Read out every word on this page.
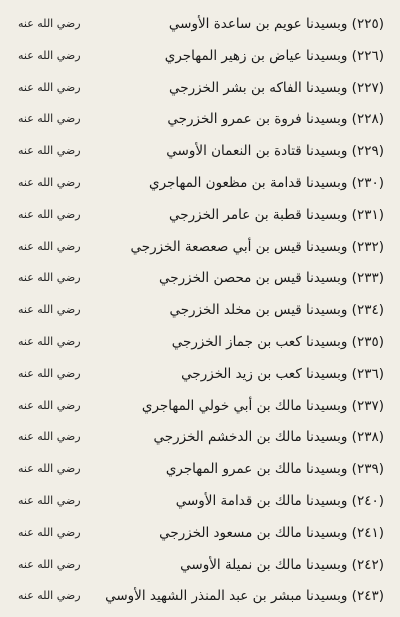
(٢٢٥) وبسيدنا عويم بن ساعدة الأوسي
رضي الله عنه
(٢٢٦) وبسيدنا عياض بن زهير المهاجري
رضي الله عنه
(٢٢٧) وبسيدنا الفاكه بن بشر الخزرجي
رضي الله عنه
(٢٢٨) وبسيدنا فروة بن عمرو الخزرجي
رضي الله عنه
(٢٢٩) وبسيدنا قتادة بن النعمان الأوسي
رضي الله عنه
(٢٣٠) وبسيدنا قدامة بن مظعون المهاجري
رضي الله عنه
(٢٣١) وبسيدنا قطبة بن عامر الخزرجي
رضي الله عنه
(٢٣٢) وبسيدنا قيس بن أبي صعصعة الخزرجي
رضي الله عنه
(٢٣٣) وبسيدنا قيس بن محصن الخزرجي
رضي الله عنه
(٢٣٤) وبسيدنا قيس بن مخلد الخزرجي
رضي الله عنه
(٢٣٥) وبسيدنا كعب بن جماز الخزرجي
رضي الله عنه
(٢٣٦) وبسيدنا كعب بن زيد الخزرجي
رضي الله عنه
(٢٣٧) وبسيدنا مالك بن أبي خولي المهاجري
رضي الله عنه
(٢٣٨) وبسيدنا مالك بن الدخشم الخزرجي
رضي الله عنه
(٢٣٩) وبسيدنا مالك بن عمرو المهاجري
رضي الله عنه
(٢٤٠) وبسيدنا مالك بن قدامة الأوسي
رضي الله عنه
(٢٤١) وبسيدنا مالك بن مسعود الخزرجي
رضي الله عنه
(٢٤٢) وبسيدنا مالك بن نميلة الأوسي
رضي الله عنه
(٢٤٣) وبسيدنا مبشر بن عبد المنذر الشهيد الأوسي
رضي الله عنه
